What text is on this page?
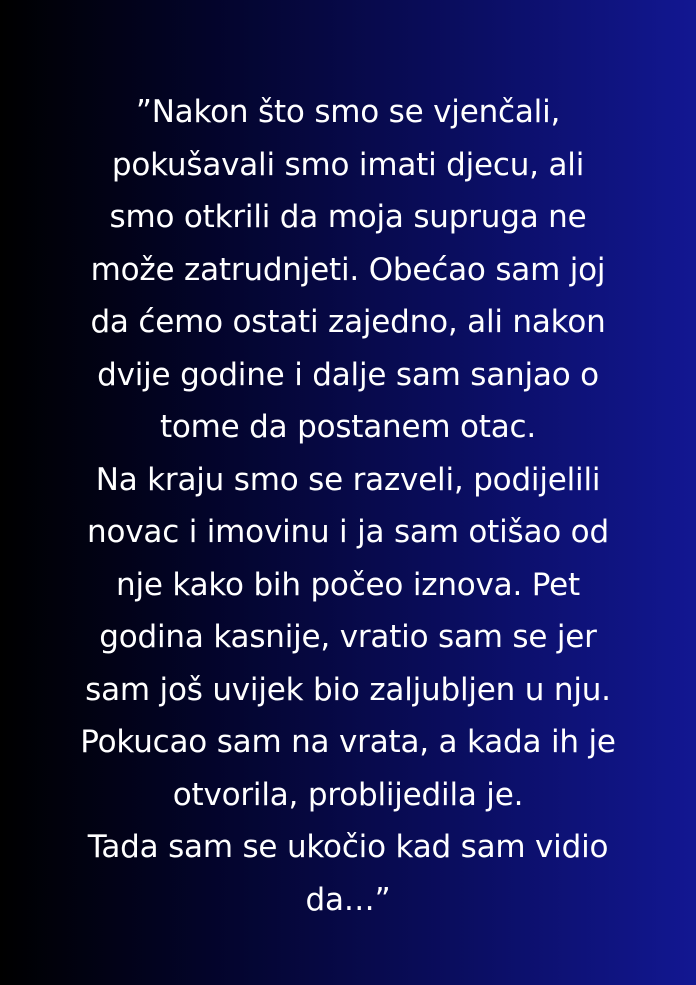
”Nakon što smo se vjenčali,
pokušavali smo imati djecu, ali
smo otkrili da moja supruga ne
može zatrudnjeti. Obećao sam joj
da ćemo ostati zajedno, ali nakon
dvije godine i dalje sam sanjao o
tome da postanem otac.
Na kraju smo se razveli, podijelili
novac i imovinu i ja sam otišao od
nje kako bih počeo iznova. Pet
godina kasnije, vratio sam se jer
sam još uvijek bio zaljubljen u nju.
Pokucao sam na vrata, a kada ih je
otvorila, problijedila je.
Tada sam se ukočio kad sam vidio
da…”
